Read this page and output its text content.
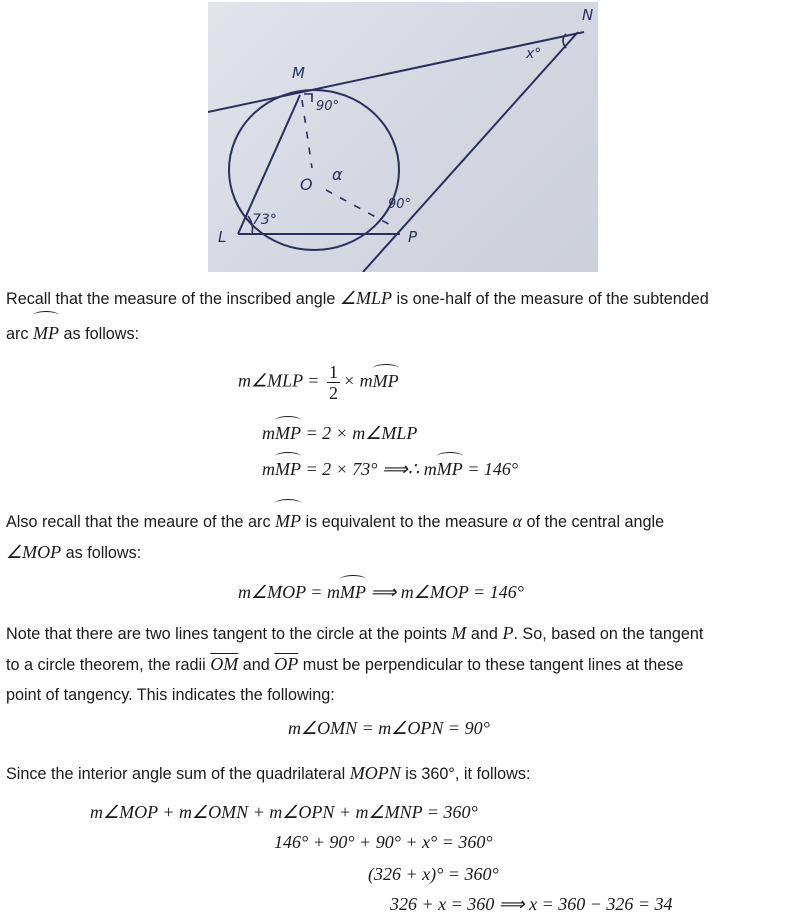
N
x°
M
90°
O
α
90°
73°
L	P
Recall that the measure of the inscribed angle ∠MLP is one-half of the measure of the subtended
arc MP as follows:
m∠MLP = $\frac{1}{2}$ × mMP
mMP = 2 × m∠MLP
mMP = 2 × 73° ⟹∴ mMP = 146°
Also recall that the meaure of the arc MP is equivalent to the measure α of the central angle
∠MOP as follows:
m∠MOP = mMP ⟹ m∠MOP = 146°
Note that there are two lines tangent to the circle at the points M and P. So, based on the tangent
to a circle theorem, the radii $\overline{OM}$ and $\overline{OP}$ must be perpendicular to these tangent lines at these
point of tangency. This indicates the following:
m∠OMN = m∠OPN = 90°
Since the interior angle sum of the quadrilateral MOPN is 360°, it follows:
m∠MOP + m∠OMN + m∠OPN + m∠MNP = 360°
146° + 90° + 90° + x° = 360°
(326 + x)° = 360°
326 + x = 360 ⟹ x = 360 − 326 = 34
